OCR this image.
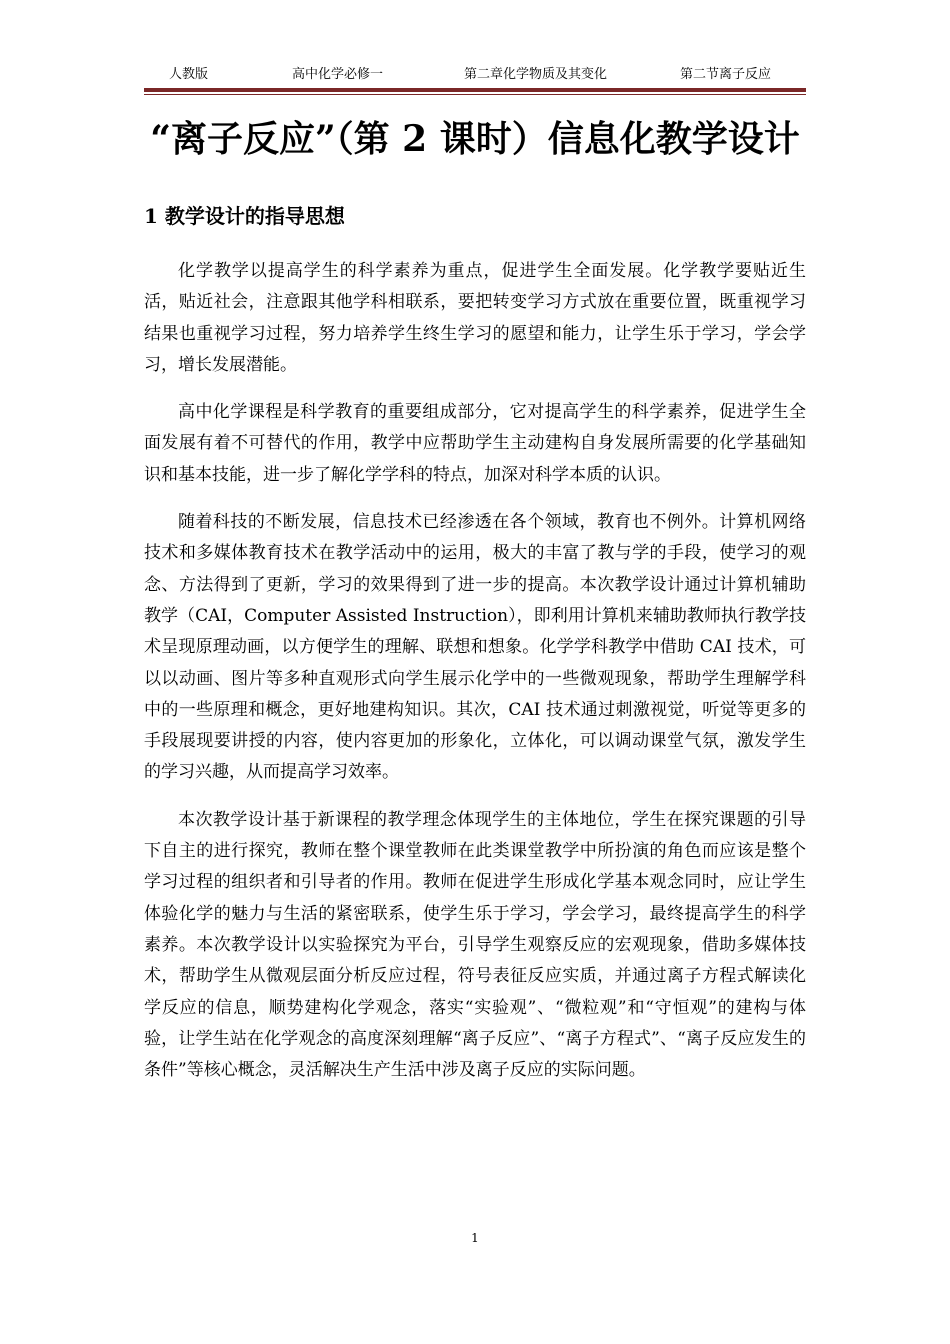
人教版	高中化学必修一	第二章化学物质及其变化	第二节离子反应
“离子反应”（第 2 课时）信息化教学设计
1 教学设计的指导思想

化学教学以提高学生的科学素养为重点，促进学生全面发展。化学教学要贴近生活，贴近社会，注意跟其他学科相联系，要把转变学习方式放在重要位置，既重视学习结果也重视学习过程，努力培养学生终生学习的愿望和能力，让学生乐于学习，学会学习，增长发展潜能。

高中化学课程是科学教育的重要组成部分，它对提高学生的科学素养，促进学生全面发展有着不可替代的作用，教学中应帮助学生主动建构自身发展所需要的化学基础知识和基本技能，进一步了解化学学科的特点，加深对科学本质的认识。

随着科技的不断发展，信息技术已经渗透在各个领域，教育也不例外。计算机网络技术和多媒体教育技术在教学活动中的运用，极大的丰富了教与学的手段，使学习的观念、方法得到了更新，学习的效果得到了进一步的提高。本次教学设计通过计算机辅助教学（CAI，Computer Assisted Instruction），即利用计算机来辅助教师执行教学技术呈现原理动画，以方便学生的理解、联想和想象。化学学科教学中借助 CAI 技术，可以以动画、图片等多种直观形式向学生展示化学中的一些微观现象，帮助学生理解学科中的一些原理和概念，更好地建构知识。其次，CAI 技术通过刺激视觉，听觉等更多的手段展现要讲授的内容，使内容更加的形象化，立体化，可以调动课堂气氛，激发学生的学习兴趣，从而提高学习效率。

本次教学设计基于新课程的教学理念体现学生的主体地位，学生在探究课题的引导下自主的进行探究，教师在整个课堂教师在此类课堂教学中所扮演的角色而应该是整个学习过程的组织者和引导者的作用。教师在促进学生形成化学基本观念同时，应让学生体验化学的魅力与生活的紧密联系，使学生乐于学习，学会学习，最终提高学生的科学素养。本次教学设计以实验探究为平台，引导学生观察反应的宏观现象，借助多媒体技术，帮助学生从微观层面分析反应过程，符号表征反应实质，并通过离子方程式解读化学反应的信息，顺势建构化学观念，落实“实验观”、“微粒观”和“守恒观”的建构与体验，让学生站在化学观念的高度深刻理解“离子反应”、“离子方程式”、“离子反应发生的条件”等核心概念，灵活解决生产生活中涉及离子反应的实际问题。

1
